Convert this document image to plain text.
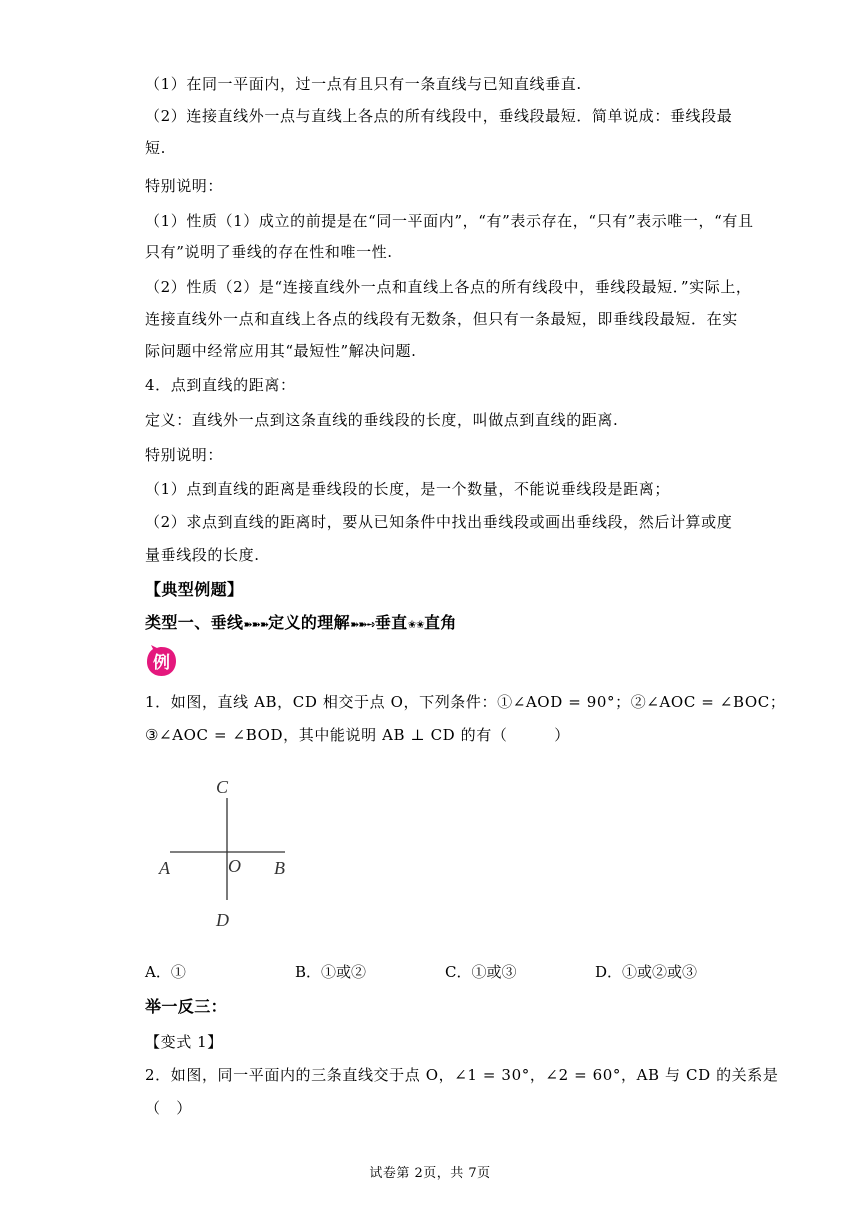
（1）在同一平面内，过一点有且只有一条直线与已知直线垂直.
（2）连接直线外一点与直线上各点的所有线段中，垂线段最短．简单说成：垂线段最
短.
特别说明：
（1）性质（1）成立的前提是在“同一平面内”，“有”表示存在，“只有”表示唯一，“有且
只有”说明了垂线的存在性和唯一性.
（2）性质（2）是“连接直线外一点和直线上各点的所有线段中，垂线段最短．”实际上，
连接直线外一点和直线上各点的线段有无数条，但只有一条最短，即垂线段最短．在实
际问题中经常应用其“最短性”解决问题.
4．点到直线的距离：
定义：直线外一点到这条直线的垂线段的长度，叫做点到直线的距离.
特别说明：
（1）点到直线的距离是垂线段的长度，是一个数量，不能说垂线段是距离；
（2）求点到直线的距离时，要从已知条件中找出垂线段或画出垂线段，然后计算或度
量垂线段的长度.
【典型例题】
类型一、垂线➽➽➽定义的理解➽➽➺垂直✬✬直角
例
1．如图，直线 AB，CD 相交于点 O，下列条件：①∠AOD = 90°；②∠AOC = ∠BOC；
③∠AOC = ∠BOD，其中能说明 AB ⊥ CD 的有（　　　）
C
A	O B
D
A．①	B．①或②	C．①或③	D．①或②或③
举一反三：
【变式 1】
2．如图，同一平面内的三条直线交于点 O，∠1 = 30°，∠2 = 60°，AB 与 CD 的关系是
（　）
试卷第 2页，共 7页
